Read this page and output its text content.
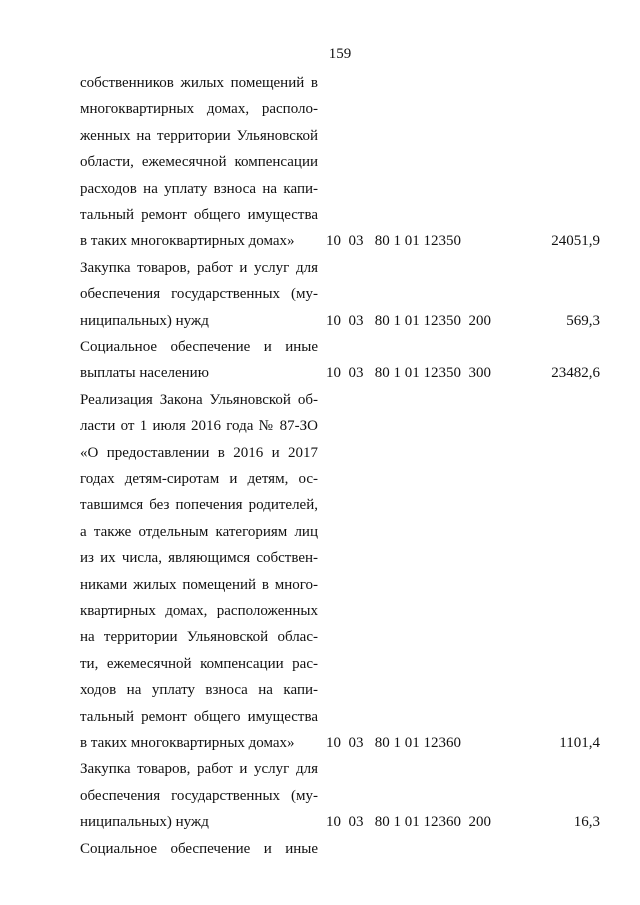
159
собственников жилых помещений в
многоквартирных домах, располо-
женных на территории Ульяновской
области, ежемесячной компенсации
расходов на уплату взноса на капи-
тальный ремонт общего имущества
в таких многоквартирных домах»	10  03   80 1 01 12350	24051,9
Закупка товаров, работ и услуг для
обеспечения государственных (му-
ниципальных) нужд	10  03   80 1 01 12350  200	569,3
Социальное обеспечение и иные
выплаты населению	10  03   80 1 01 12350  300	23482,6
Реализация Закона Ульяновской об-
ласти от 1 июля 2016 года № 87-ЗО
«О предоставлении в 2016 и 2017
годах детям-сиротам и детям, ос-
тавшимся без попечения родителей,
а также отдельным категориям лиц
из их числа, являющимся собствен-
никами жилых помещений в много-
квартирных домах, расположенных
на территории Ульяновской облас-
ти, ежемесячной компенсации рас-
ходов на уплату взноса на капи-
тальный ремонт общего имущества
в таких многоквартирных домах»	10  03   80 1 01 12360	1101,4
Закупка товаров, работ и услуг для
обеспечения государственных (му-
ниципальных) нужд	10  03   80 1 01 12360  200	16,3
Социальное обеспечение и иные
